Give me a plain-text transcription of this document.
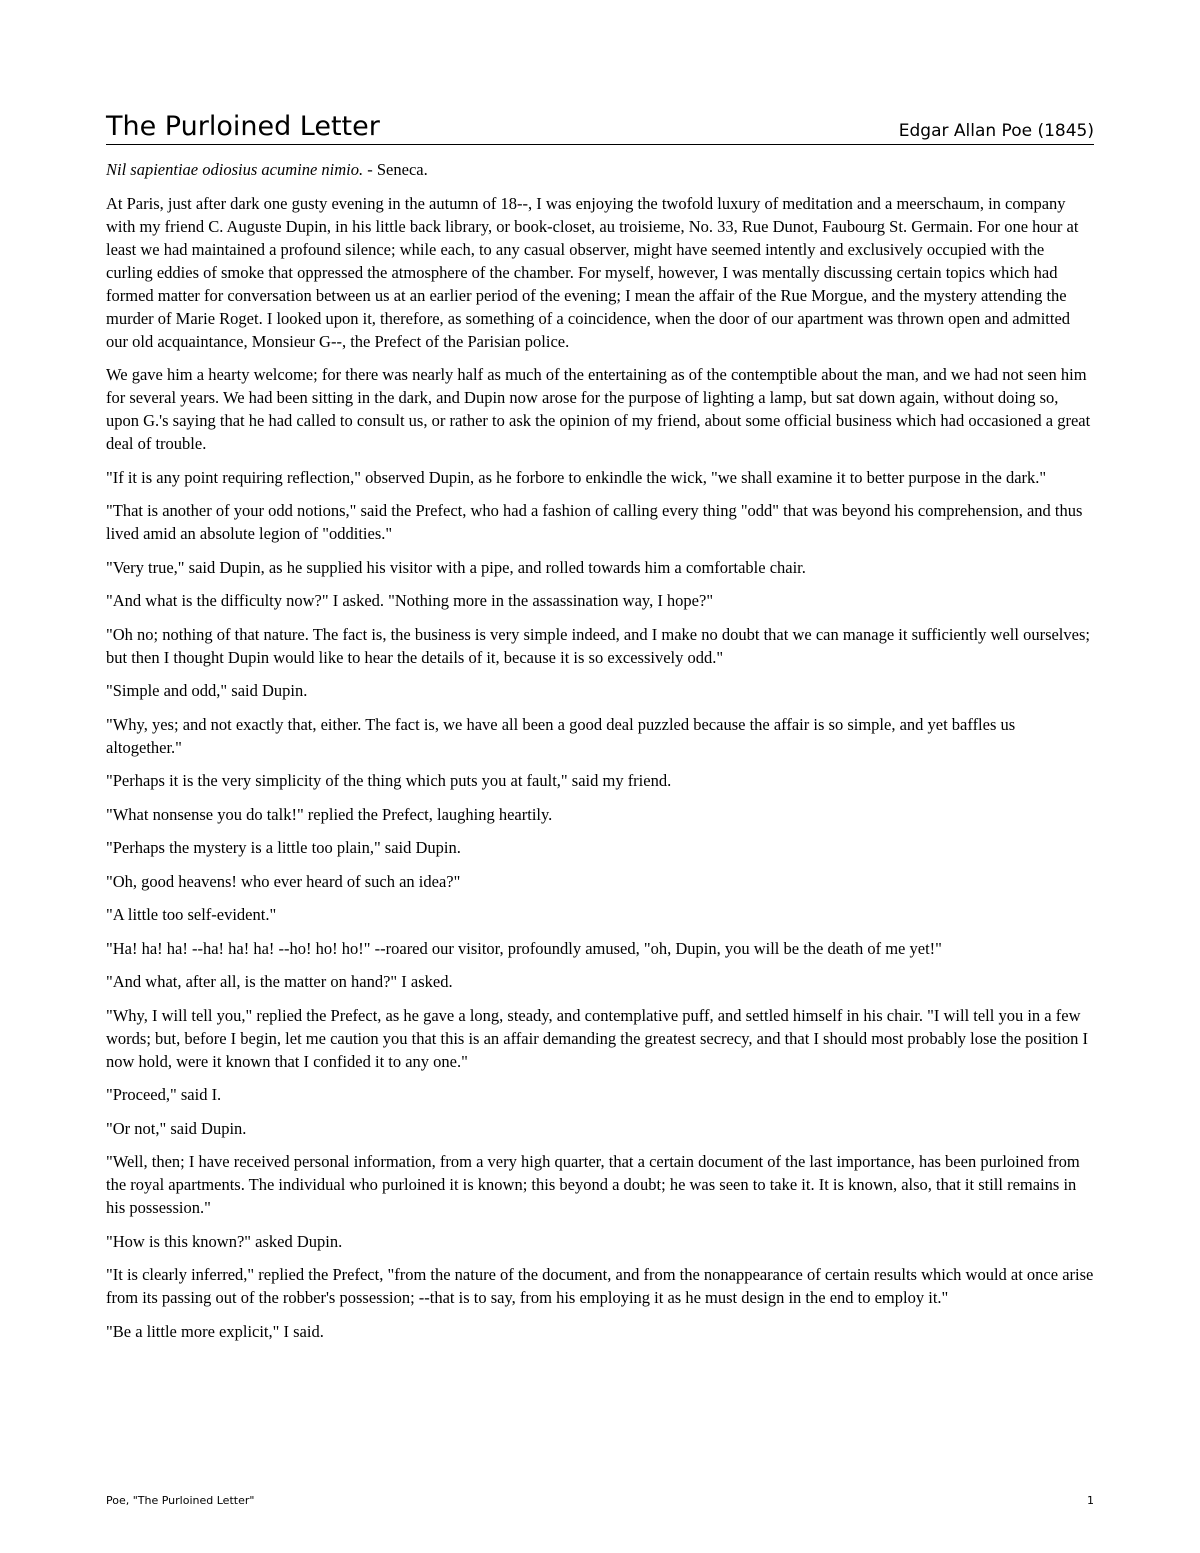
The Purloined Letter	Edgar Allan Poe (1845)

Nil sapientiae odiosius acumine nimio. - Seneca.

At Paris, just after dark one gusty evening in the autumn of 18--, I was enjoying the twofold luxury of meditation and a meerschaum, in company with my friend C. Auguste Dupin, in his little back library, or book-closet, au troisieme, No. 33, Rue Dunot, Faubourg St. Germain. For one hour at least we had maintained a profound silence; while each, to any casual observer, might have seemed intently and exclusively occupied with the curling eddies of smoke that oppressed the atmosphere of the chamber. For myself, however, I was mentally discussing certain topics which had formed matter for conversation between us at an earlier period of the evening; I mean the affair of the Rue Morgue, and the mystery attending the murder of Marie Roget. I looked upon it, therefore, as something of a coincidence, when the door of our apartment was thrown open and admitted our old acquaintance, Monsieur G--, the Prefect of the Parisian police.

We gave him a hearty welcome; for there was nearly half as much of the entertaining as of the contemptible about the man, and we had not seen him for several years. We had been sitting in the dark, and Dupin now arose for the purpose of lighting a lamp, but sat down again, without doing so, upon G.'s saying that he had called to consult us, or rather to ask the opinion of my friend, about some official business which had occasioned a great deal of trouble.

"If it is any point requiring reflection," observed Dupin, as he forbore to enkindle the wick, "we shall examine it to better purpose in the dark."

"That is another of your odd notions," said the Prefect, who had a fashion of calling every thing "odd" that was beyond his comprehension, and thus lived amid an absolute legion of "oddities."

"Very true," said Dupin, as he supplied his visitor with a pipe, and rolled towards him a comfortable chair.

"And what is the difficulty now?" I asked. "Nothing more in the assassination way, I hope?"

"Oh no; nothing of that nature. The fact is, the business is very simple indeed, and I make no doubt that we can manage it sufficiently well ourselves; but then I thought Dupin would like to hear the details of it, because it is so excessively odd."

"Simple and odd," said Dupin.

"Why, yes; and not exactly that, either. The fact is, we have all been a good deal puzzled because the affair is so simple, and yet baffles us altogether."

"Perhaps it is the very simplicity of the thing which puts you at fault," said my friend.

"What nonsense you do talk!" replied the Prefect, laughing heartily.

"Perhaps the mystery is a little too plain," said Dupin.

"Oh, good heavens! who ever heard of such an idea?"

"A little too self-evident."

"Ha! ha! ha! --ha! ha! ha! --ho! ho! ho!" --roared our visitor, profoundly amused, "oh, Dupin, you will be the death of me yet!"

"And what, after all, is the matter on hand?" I asked.

"Why, I will tell you," replied the Prefect, as he gave a long, steady, and contemplative puff, and settled himself in his chair. "I will tell you in a few words; but, before I begin, let me caution you that this is an affair demanding the greatest secrecy, and that I should most probably lose the position I now hold, were it known that I confided it to any one."

"Proceed," said I.

"Or not," said Dupin.

"Well, then; I have received personal information, from a very high quarter, that a certain document of the last importance, has been purloined from the royal apartments. The individual who purloined it is known; this beyond a doubt; he was seen to take it. It is known, also, that it still remains in his possession."

"How is this known?" asked Dupin.

"It is clearly inferred," replied the Prefect, "from the nature of the document, and from the nonappearance of certain results which would at once arise from its passing out of the robber's possession; --that is to say, from his employing it as he must design in the end to employ it."

"Be a little more explicit," I said.

Poe, "The Purloined Letter"	1
